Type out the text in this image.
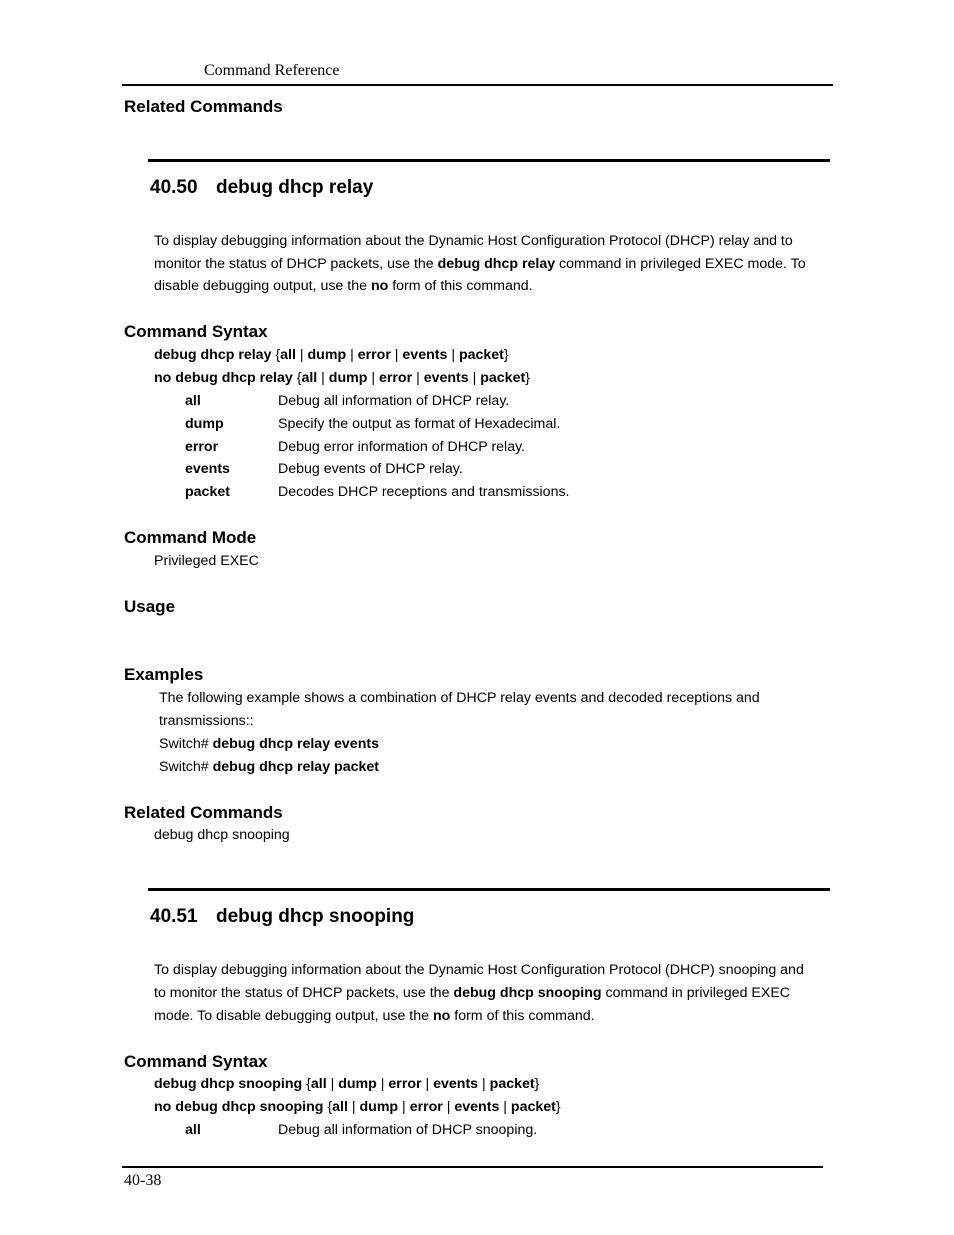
Command Reference
Related Commands
40.50 debug dhcp relay
To display debugging information about the Dynamic Host Configuration Protocol (DHCP) relay and to
monitor the status of DHCP packets, use the debug dhcp relay command in privileged EXEC mode. To
disable debugging output, use the no form of this command.
Command Syntax
debug dhcp relay {all | dump | error | events | packet}
no debug dhcp relay {all | dump | error | events | packet}
all	Debug all information of DHCP relay.
dump	Specify the output as format of Hexadecimal.
error	Debug error information of DHCP relay.
events	Debug events of DHCP relay.
packet	Decodes DHCP receptions and transmissions.
Command Mode
Privileged EXEC
Usage
Examples
The following example shows a combination of DHCP relay events and decoded receptions and
transmissions::
Switch# debug dhcp relay events
Switch# debug dhcp relay packet
Related Commands
debug dhcp snooping
40.51 debug dhcp snooping
To display debugging information about the Dynamic Host Configuration Protocol (DHCP) snooping and
to monitor the status of DHCP packets, use the debug dhcp snooping command in privileged EXEC
mode. To disable debugging output, use the no form of this command.
Command Syntax
debug dhcp snooping {all | dump | error | events | packet}
no debug dhcp snooping {all | dump | error | events | packet}
all	Debug all information of DHCP snooping.
40-38
